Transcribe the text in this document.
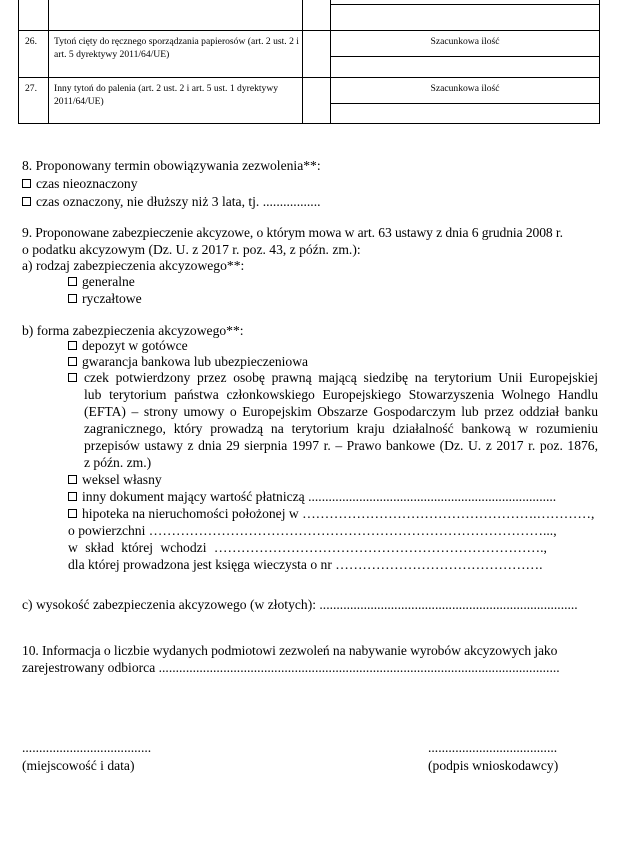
26.	Tytoń cięty do ręcznego sporządzania papierosów (art. 2 ust. 2 i art. 5 dyrektywy 2011/64/UE)
Szacunkowa ilość
27.	Inny tytoń do palenia (art. 2 ust. 2 i art. 5 ust. 1 dyrektywy 2011/64/UE)
Szacunkowa ilość
8. Proponowany termin obowiązywania zezwolenia**:
czas nieoznaczony
czas oznaczony, nie dłuższy niż 3 lata, tj. .................
9. Proponowane zabezpieczenie akcyzowe, o którym mowa w art. 63 ustawy z dnia 6 grudnia 2008 r.
o podatku akcyzowym (Dz. U. z 2017 r. poz. 43, z późn. zm.):
a) rodzaj zabezpieczenia akcyzowego**:
generalne
ryczałtowe
b) forma zabezpieczenia akcyzowego**:
depozyt w gotówce
gwarancja bankowa lub ubezpieczeniowa
czek potwierdzony przez osobę prawną mającą siedzibę na terytorium Unii Europejskiej
lub terytorium państwa członkowskiego Europejskiego Stowarzyszenia Wolnego Handlu
(EFTA) – strony umowy o Europejskim Obszarze Gospodarczym lub przez oddział banku
zagranicznego, który prowadzą na terytorium kraju działalność bankową w rozumieniu
przepisów ustawy z dnia 29 sierpnia 1997 r. – Prawo bankowe (Dz. U. z 2017 r. poz. 1876,
z późn. zm.)
weksel własny
inny dokument mający wartość płatniczą .........................................................................
hipoteka na nieruchomości położonej w …………………………………………….…………,
o powierzchni ……………………………………………………………………………...,
w skład której wchodzi ……………………………………………………………….,
dla której prowadzona jest księga wieczysta o nr ……………………………………….
c) wysokość zabezpieczenia akcyzowego (w złotych): ............................................................................
10. Informacja o liczbie wydanych podmiotowi zezwoleń na nabywanie wyrobów akcyzowych jako
zarejestrowany odbiorca ......................................................................................................................
......................................
(miejscowość i data)
......................................
(podpis wnioskodawcy)
